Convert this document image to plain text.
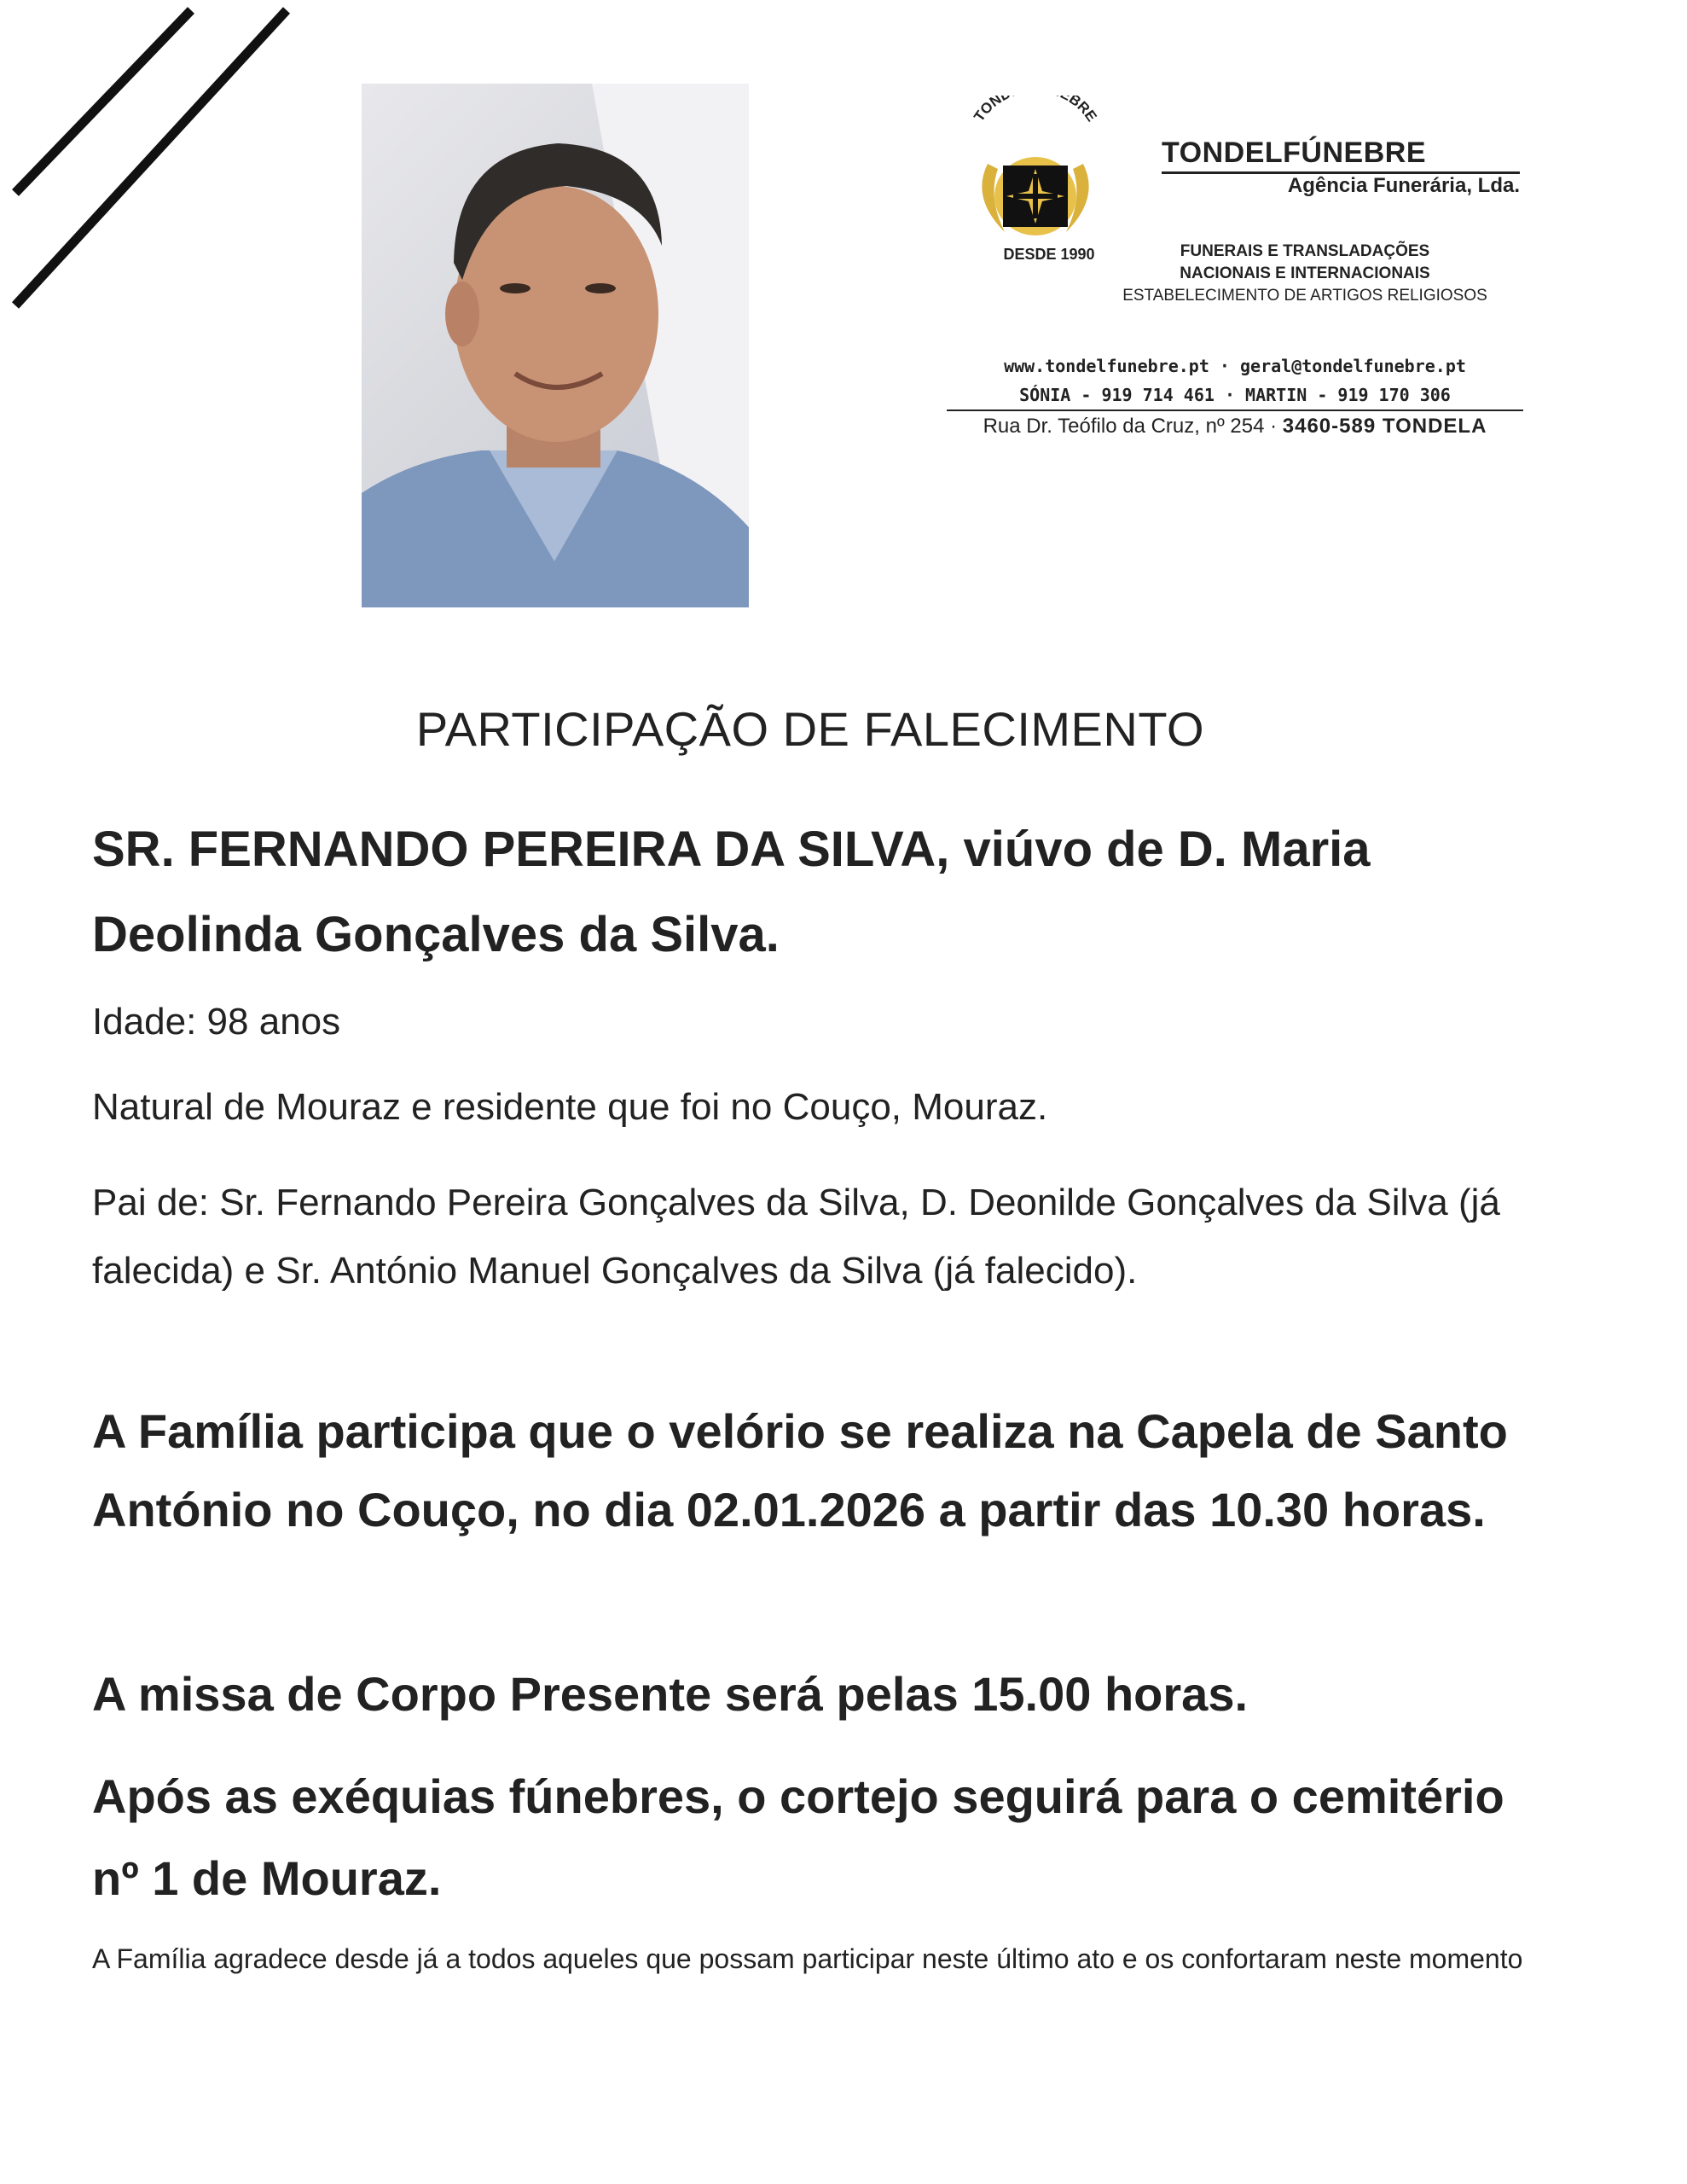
TON BRE
DESDE 1990
TONDELFÚNEBRE
Agência Funerária, Lda.
FUNERAIS E TRANSLADAÇÕES
NACIONAIS E INTERNACIONAIS
ESTABELECIMENTO DE ARTIGOS RELIGIOSOS
www.tondelfunebre.pt · geral@tondelfunebre.pt
SÓNIA - 919 714 461 · MARTIN - 919 170 306
Rua Dr. Teófilo da Cruz, nº 254 · 3460-589 TONDELA
PARTICIPAÇÃO DE FALECIMENTO
SR. FERNANDO PEREIRA DA SILVA, viúvo de D. Maria Deolinda Gonçalves da Silva.
Idade: 98 anos
Natural de Mouraz e residente que foi no Couço, Mouraz.
Pai de: Sr. Fernando Pereira Gonçalves da Silva, D. Deonilde Gonçalves da Silva (já falecida) e Sr. António Manuel Gonçalves da Silva (já falecido).
A Família participa que o velório se realiza na Capela de Santo António no Couço, no dia 02.01.2026 a partir das 10.30 horas.
A missa de Corpo Presente será pelas 15.00 horas.
Após as exéquias fúnebres, o cortejo seguirá para o cemitério nº 1 de Mouraz.
A Família agradece desde já a todos aqueles que possam participar neste último ato e os confortaram neste momento
